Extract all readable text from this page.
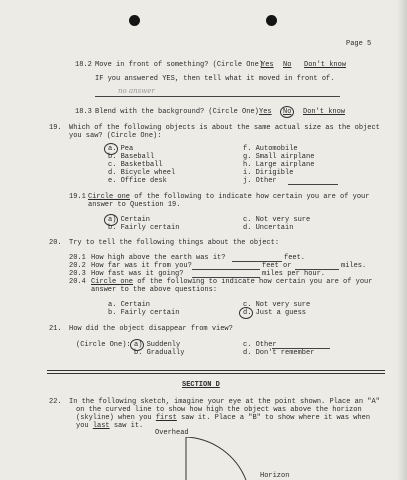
Page 5
18.2 Move in front of something? (Circle One)
Yes No Don't know
IF you answered YES, then tell what it moved in front of.
no answer
18.3 Blend with the background? (Circle One) Yes No Don't know
19. Which of the following objects is about the same actual size as the object
you saw? (Circle One):
a. Pea
b. Baseball
c. Basketball
d. Bicycle wheel
e. Office desk
f. Automobile
g. Small airplane
h. Large airplane
i. Dirigible
j. Other
19.1 Circle one of the following to indicate how certain you are of your
answer to Question 19.
a) Certain
b. Fairly certain
c. Not very sure
d. Uncertain
20. Try to tell the following things about the object:
20.1 How high above the earth was it?	feet.
20.2 How far was it from you?	feet or	miles.
20.3 How fast was it going?	miles per hour.
20.4 Circle one of the following to indicate how certain you are of your
answer to the above questions:
a. Certain
b. Fairly certain
c. Not very sure
d. Just a guess
21. How did the object disappear from view?
(Circle One): a) Suddenly
b. Gradually
c. Other
d. Don't remember
SECTION D
22. In the following sketch, imagine your eye at the point shown. Place an "A"
on the curved line to show how high the object was above the horizon
(skyline) when you first saw it. Place a "B" to show where it was when
you last saw it.
Overhead
Horizon
